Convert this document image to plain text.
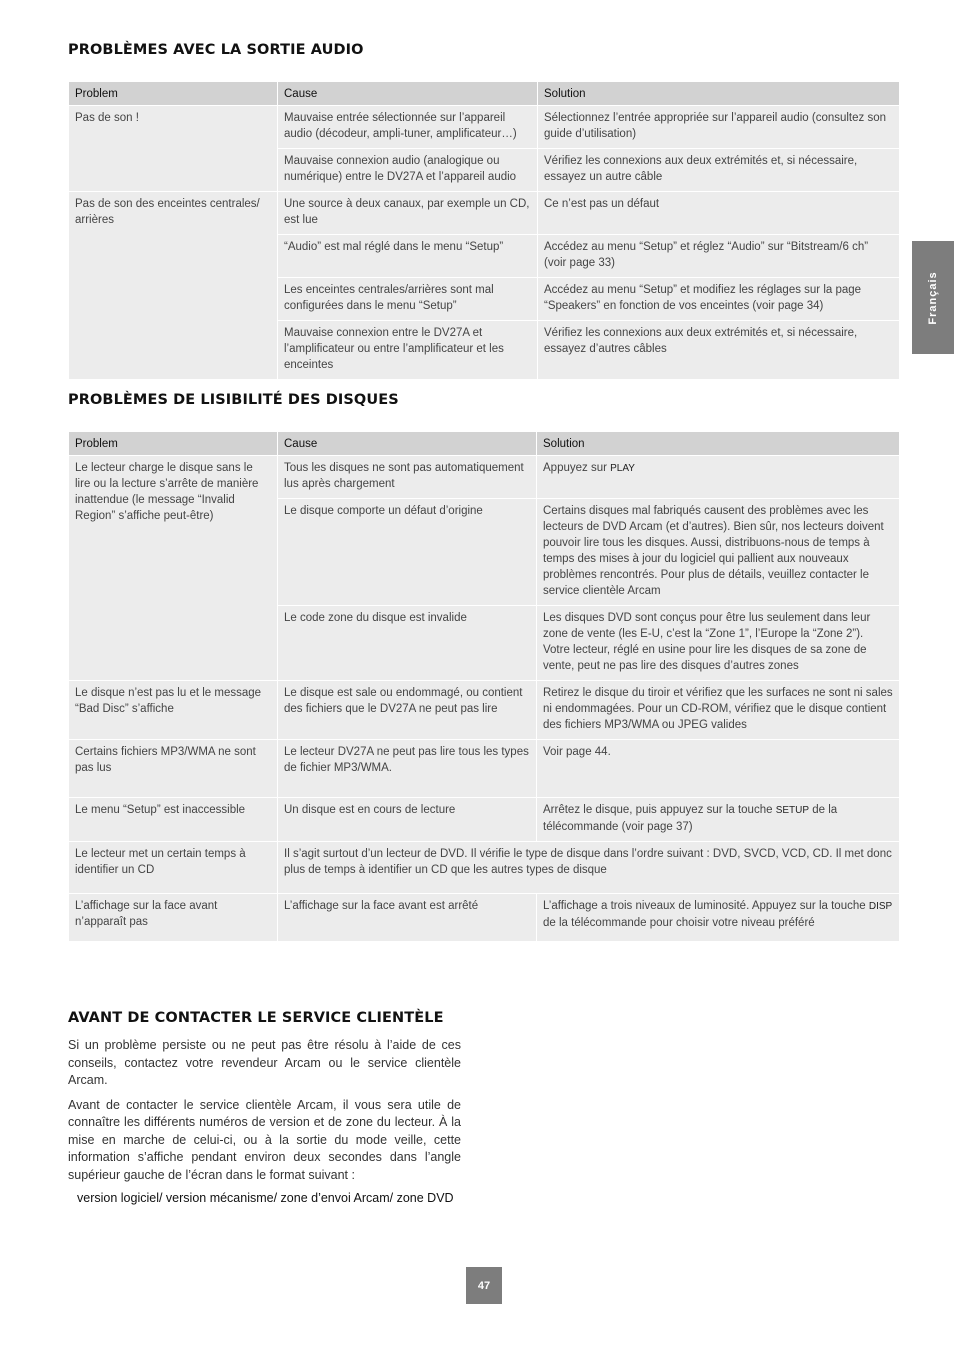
Français
PROBLÈMES AVEC LA SORTIE AUDIO
Problem	Cause	Solution
Pas de son !	Mauvaise entrée sélectionnée sur l’appareil audio (décodeur, ampli-tuner, amplificateur…)	Sélectionnez l’entrée appropriée sur l’appareil audio (consultez son guide d’utilisation)
	Mauvaise connexion audio (analogique ou numérique) entre le DV27A et l’appareil audio	Vérifiez les connexions aux deux extrémités et, si nécessaire, essayez un autre câble
Pas de son des enceintes centrales/ arrières	Une source à deux canaux, par exemple un CD, est lue	Ce n’est pas un défaut
	“Audio” est mal réglé dans le menu “Setup”	Accédez au menu “Setup” et réglez “Audio” sur “Bitstream/6 ch” (voir page 33)
	Les enceintes centrales/arrières sont mal configurées dans le menu “Setup”	Accédez au menu “Setup” et modifiez les réglages sur la page “Speakers” en fonction de vos enceintes (voir page 34)
	Mauvaise connexion entre le DV27A et l’amplificateur ou entre l’amplificateur et les enceintes	Vérifiez les connexions aux deux extrémités et, si nécessaire, essayez d’autres câbles
PROBLÈMES DE LISIBILITÉ DES DISQUES
Problem	Cause	Solution
Le lecteur charge le disque sans le lire ou la lecture s’arrête de manière inattendue (le message “Invalid Region” s’affiche peut-être)	Tous les disques ne sont pas automatiquement lus après chargement	Appuyez sur PLAY
	Le disque comporte un défaut d’origine	Certains disques mal fabriqués causent des problèmes avec les lecteurs de DVD Arcam (et d’autres). Bien sûr, nos lecteurs doivent pouvoir lire tous les disques. Aussi, distribuons-nous de temps à temps des mises à jour du logiciel qui pallient aux nouveaux problèmes rencontrés. Pour plus de détails, veuillez contacter le service clientèle Arcam
	Le code zone du disque est invalide	Les disques DVD sont conçus pour être lus seulement dans leur zone de vente (les E-U, c’est la “Zone 1”, l’Europe la “Zone 2”). Votre lecteur, réglé en usine pour lire les disques de sa zone de vente, peut ne pas lire des disques d’autres zones
Le disque n’est pas lu et le message “Bad Disc” s’affiche	Le disque est sale ou endommagé, ou contient des fichiers que le DV27A ne peut pas lire	Retirez le disque du tiroir et vérifiez que les surfaces ne sont ni sales ni endommagées. Pour un CD-ROM, vérifiez que le disque contient des fichiers MP3/WMA ou JPEG valides
Certains fichiers MP3/WMA ne sont pas lus	Le lecteur DV27A ne peut pas lire tous les types de fichier MP3/WMA.	Voir page 44.
Le menu “Setup” est inaccessible	Un disque est en cours de lecture	Arrêtez le disque, puis appuyez sur la touche SETUP de la télécommande (voir page 37)
Le lecteur met un certain temps à identifier un CD	Il s’agit surtout d’un lecteur de DVD. Il vérifie le type de disque dans l’ordre suivant : DVD, SVCD, VCD, CD. Il met donc plus de temps à identifier un CD que les autres types de disque	
L’affichage sur la face avant n’apparaît pas	L’affichage sur la face avant est arrêté	L’affichage a trois niveaux de luminosité. Appuyez sur la touche DISP de la télécommande pour choisir votre niveau préféré
AVANT DE CONTACTER LE SERVICE CLIENTÈLE

Si un problème persiste ou ne peut pas être résolu à l’aide de ces conseils, contactez votre revendeur Arcam ou le service clientèle Arcam.

Avant de contacter le service clientèle Arcam, il vous sera utile de connaître les différents numéros de version et de zone du lecteur. À la mise en marche de celui-ci, ou à la sortie du mode veille, cette information s’affiche pendant environ deux secondes dans l’angle supérieur gauche de l’écran dans le format suivant :

version logiciel/ version mécanisme/ zone d’envoi Arcam/ zone DVD
47
